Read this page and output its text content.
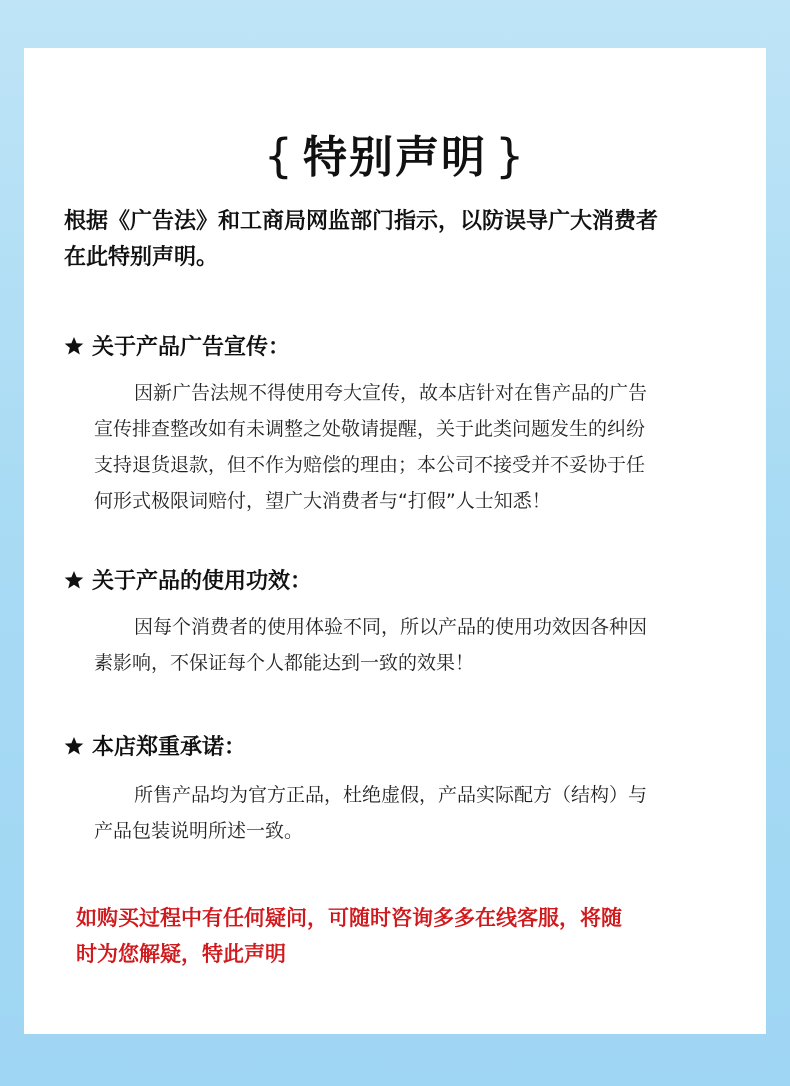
{ 特别声明 }
根据《广告法》和工商局网监部门指示，以防误导广大消费者
在此特别声明。
关于产品广告宣传：
因新广告法规不得使用夸大宣传，故本店针对在售产品的广告
宣传排查整改如有未调整之处敬请提醒，关于此类问题发生的纠纷
支持退货退款，但不作为赔偿的理由；本公司不接受并不妥协于任
何形式极限词赔付，望广大消费者与“打假”人士知悉！
关于产品的使用功效：
因每个消费者的使用体验不同，所以产品的使用功效因各种因
素影响，不保证每个人都能达到一致的效果！
本店郑重承诺：
所售产品均为官方正品，杜绝虚假，产品实际配方（结构）与
产品包装说明所述一致。
如购买过程中有任何疑问，可随时咨询多多在线客服，将随
时为您解疑，特此声明
